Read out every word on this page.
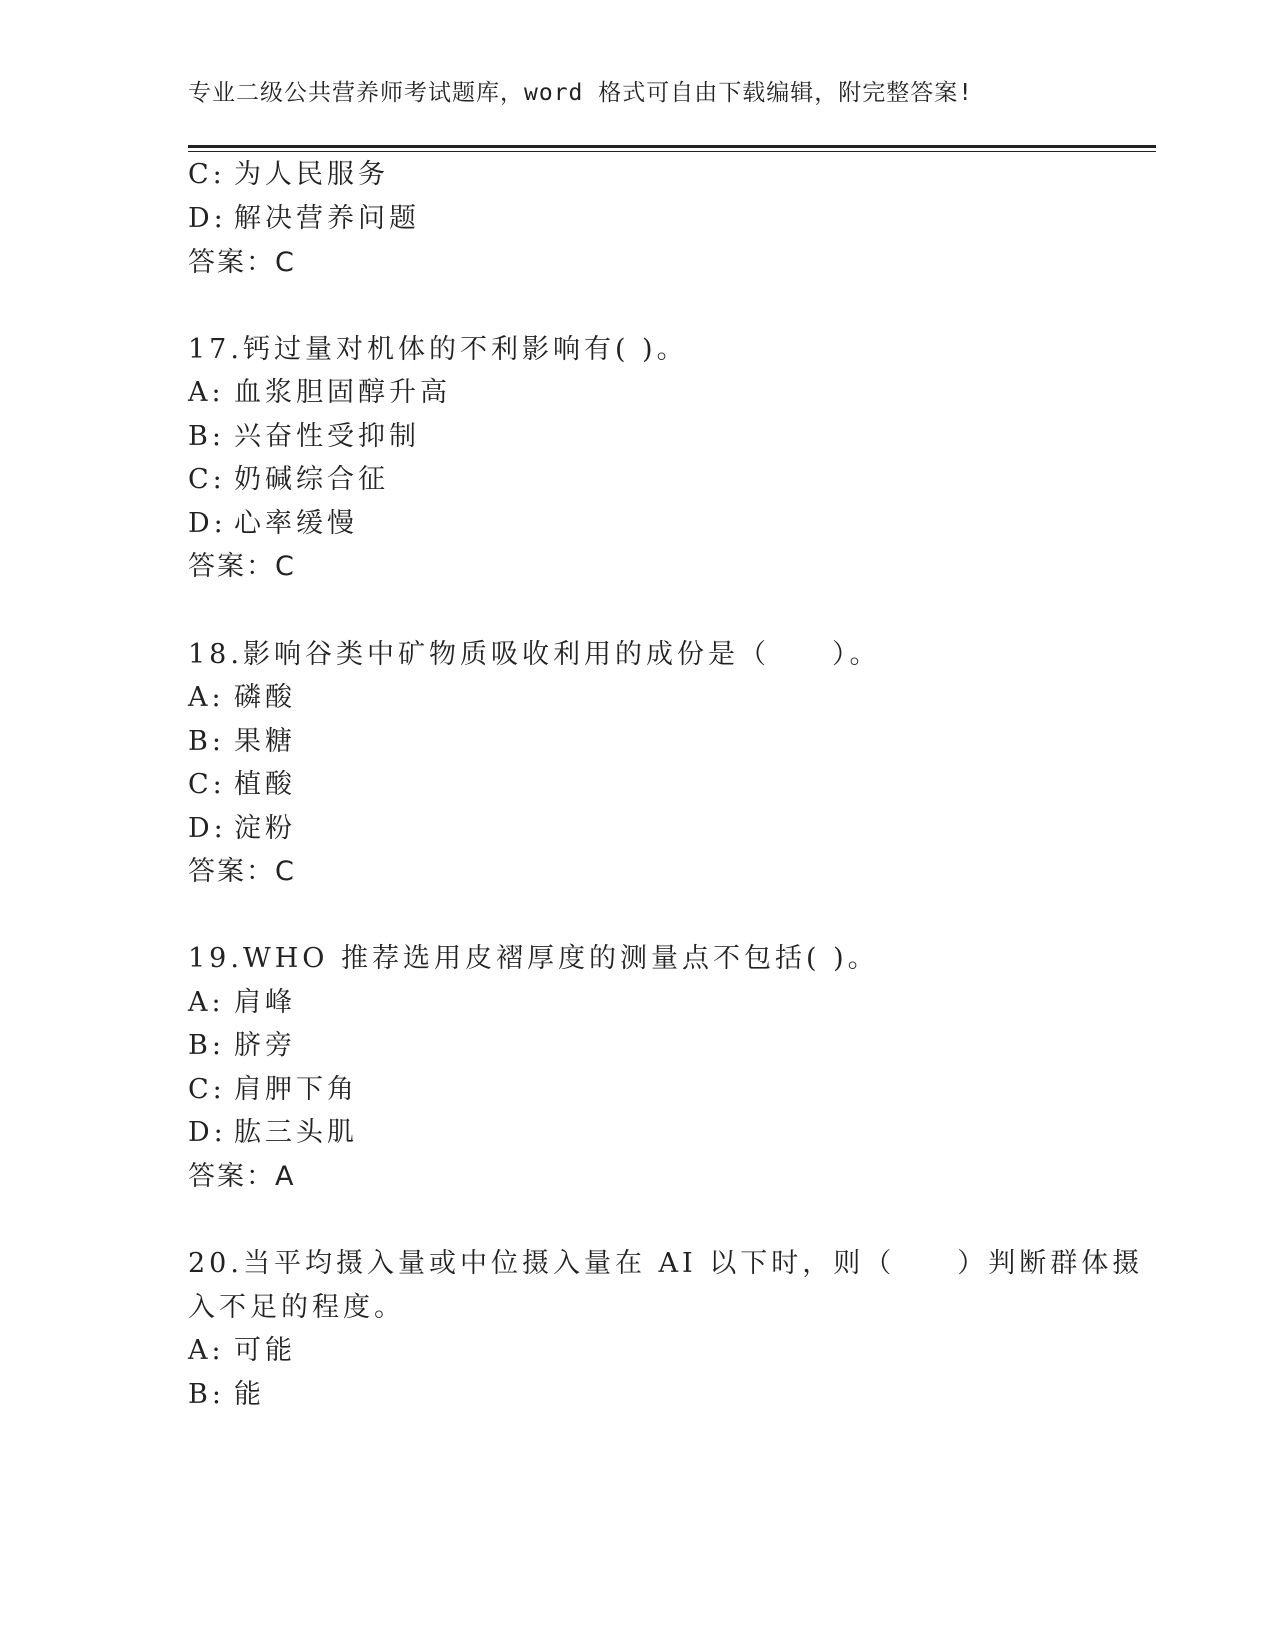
专业二级公共营养师考试题库，word 格式可自由下载编辑，附完整答案!
C: 为人民服务
D: 解决营养问题
答案：C
17.钙过量对机体的不利影响有( )。
A: 血浆胆固醇升高
B: 兴奋性受抑制
C: 奶碱综合征
D: 心率缓慢
答案：C
18.影响谷类中矿物质吸收利用的成份是（　　）。
A: 磷酸
B: 果糖
C: 植酸
D: 淀粉
答案：C
19.WHO 推荐选用皮褶厚度的测量点不包括( )。
A: 肩峰
B: 脐旁
C: 肩胛下角
D: 肱三头肌
答案：A
20.当平均摄入量或中位摄入量在 AI 以下时，则（　　）判断群体摄
入不足的程度。
A: 可能
B: 能
